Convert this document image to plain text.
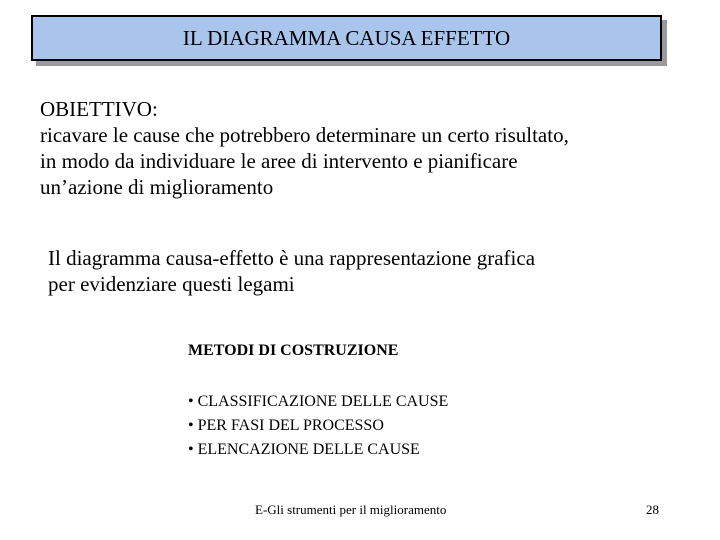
IL DIAGRAMMA CAUSA EFFETTO
OBIETTIVO:
ricavare le cause che potrebbero determinare un certo risultato,
in modo da individuare le aree di intervento e pianificare
un’azione di miglioramento
Il diagramma causa-effetto è una rappresentazione grafica
per evidenziare questi legami
METODI DI COSTRUZIONE
• CLASSIFICAZIONE DELLE CAUSE
• PER FASI DEL PROCESSO
• ELENCAZIONE DELLE CAUSE
E-Gli strumenti per il miglioramento	28
